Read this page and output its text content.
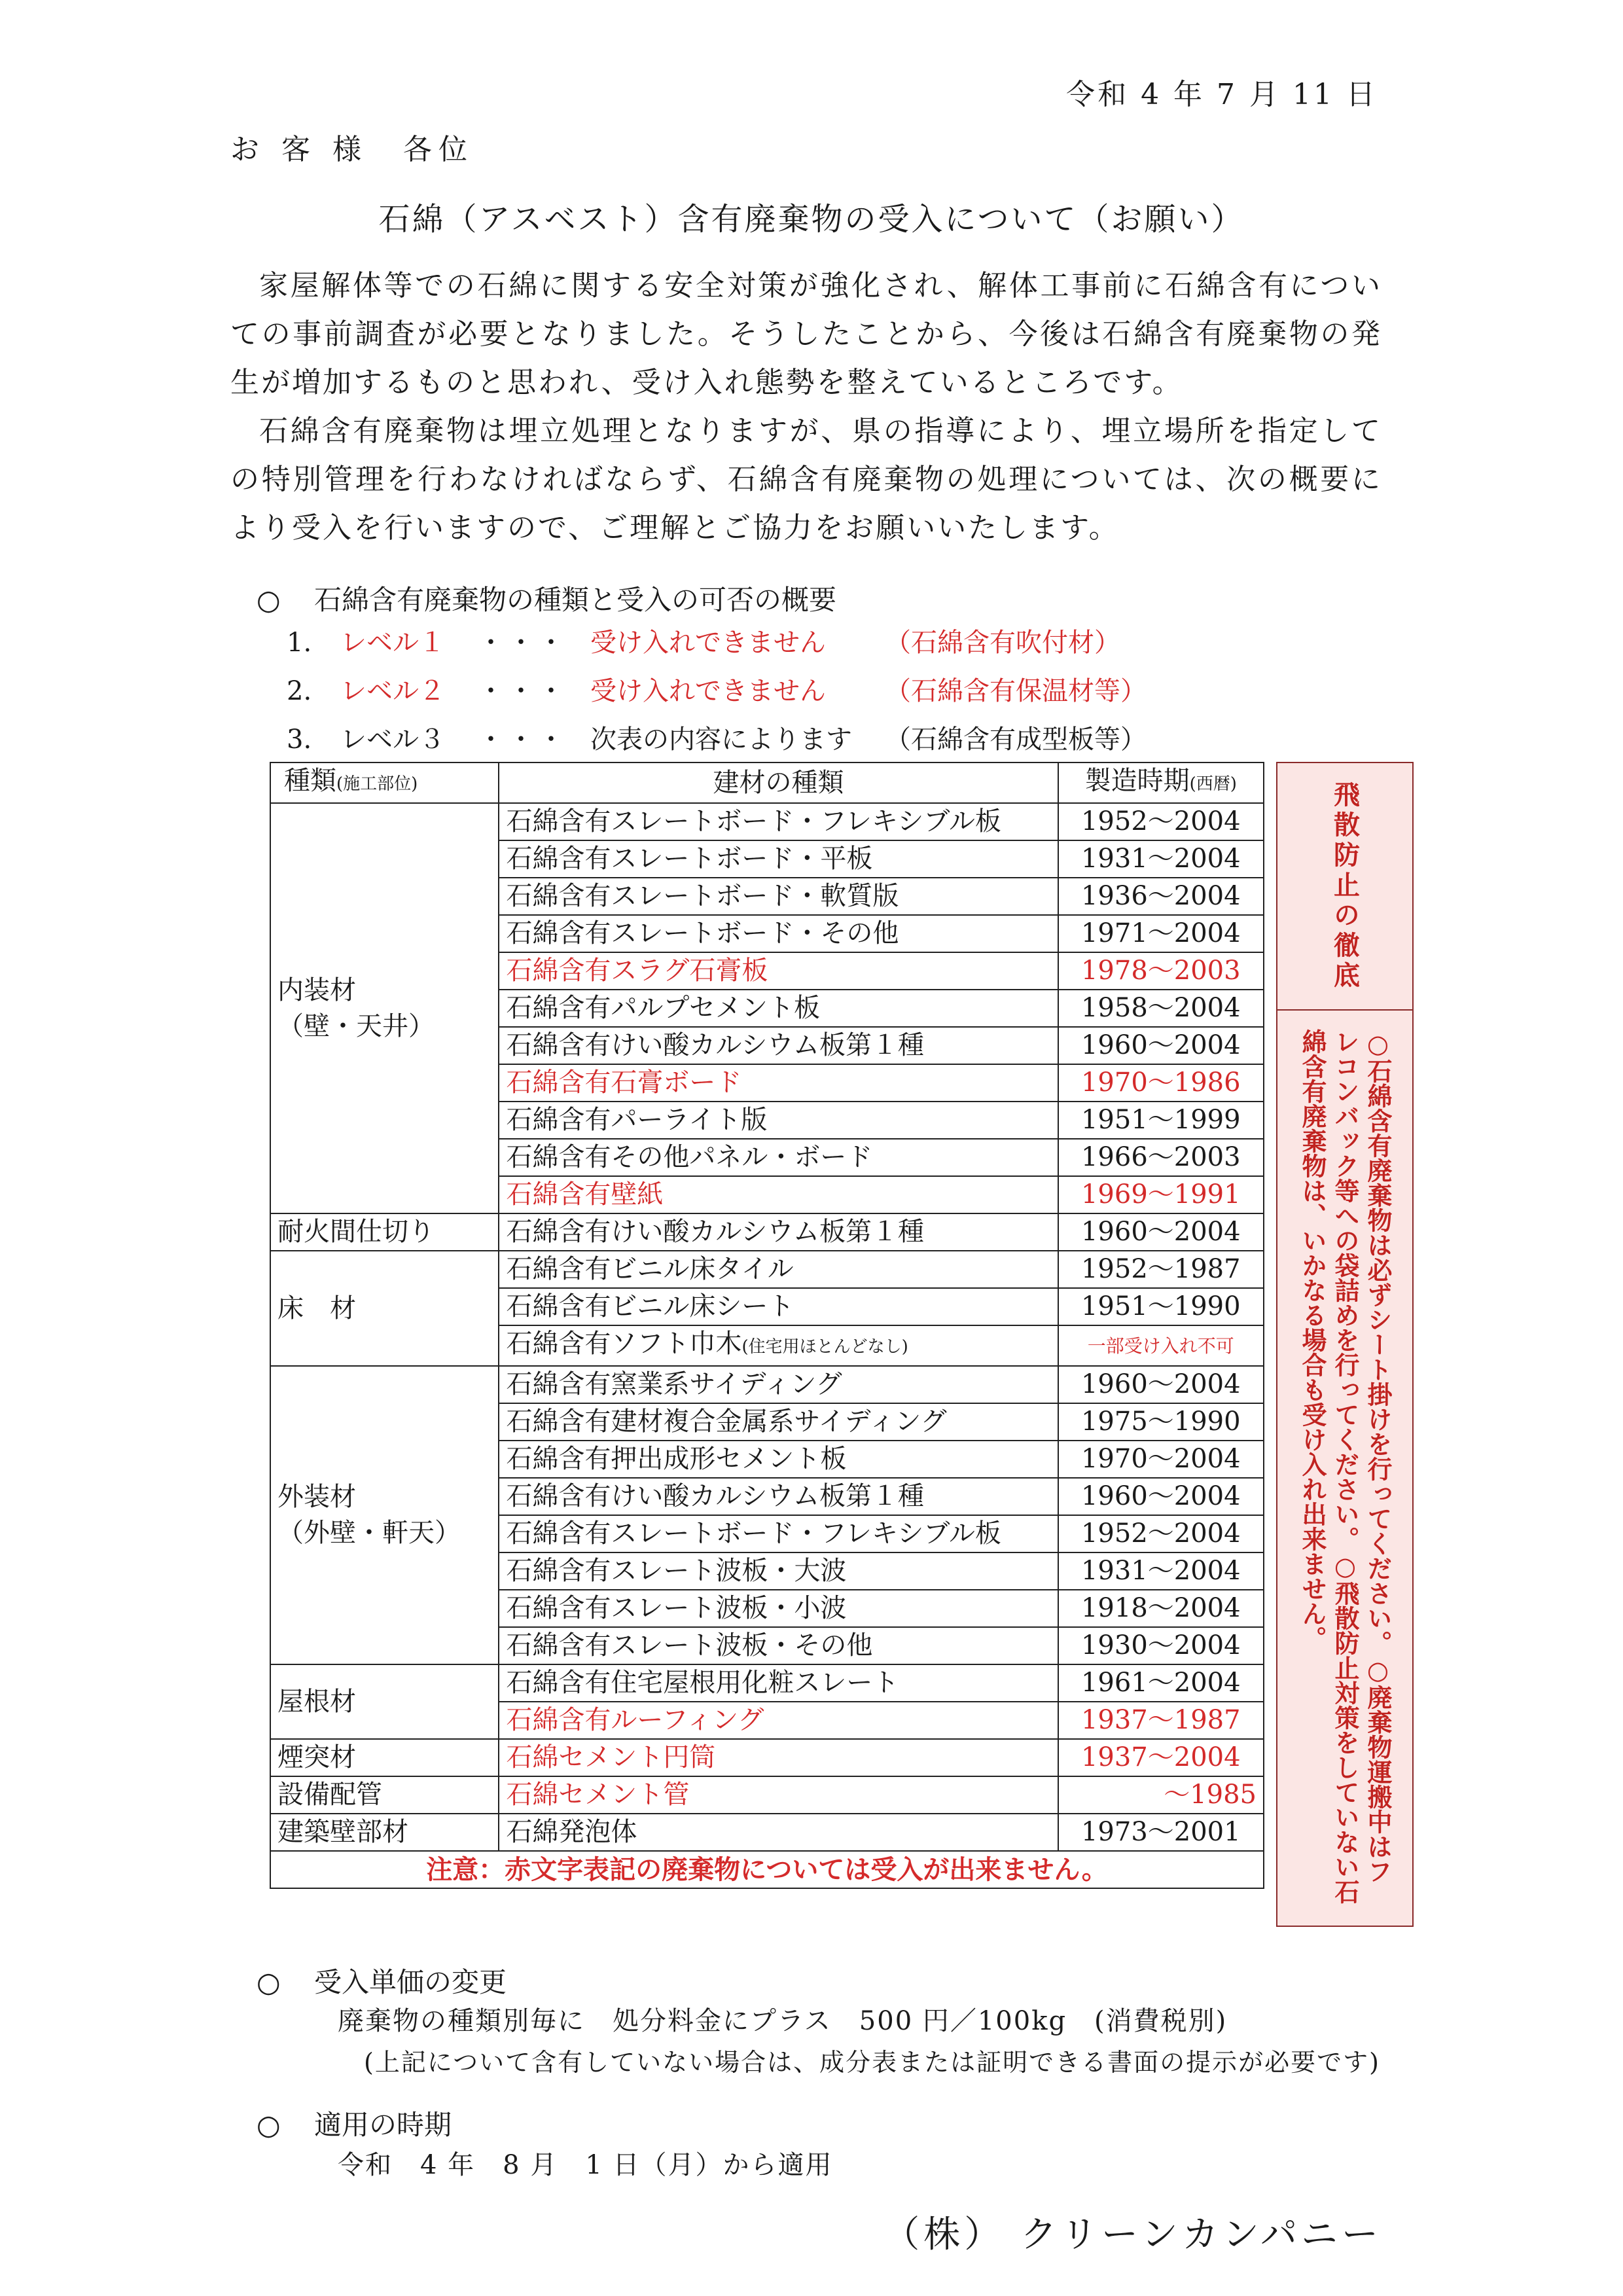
令和 4 年 7 月 11 日
お 客 様　各位
石綿（アスベスト）含有廃棄物の受入について（お願い）

家屋解体等での石綿に関する安全対策が強化され、解体工事前に石綿含有についての事前調査が必要となりました。そうしたことから、今後は石綿含有廃棄物の発生が増加するものと思われ、受け入れ態勢を整えているところです。

石綿含有廃棄物は埋立処理となりますが、県の指導により、埋立場所を指定しての特別管理を行わなければならず、石綿含有廃棄物の処理については、次の概要により受入を行いますので、ご理解とご協力をお願いいたします。

○ 石綿含有廃棄物の種類と受入の可否の概要
1. レベル１ ・・・ 受け入れできません （石綿含有吹付材）
2. レベル２ ・・・ 受け入れできません （石綿含有保温材等）
3. レベル３ ・・・ 次表の内容によります （石綿含有成型板等）
種類(施工部位)	建材の種類	製造時期(西暦)

内装材
（壁・天井）	石綿含有スレートボード・フレキシブル板	1952～2004
	石綿含有スレートボード・平板	1931～2004
	石綿含有スレートボード・軟質版	1936～2004
	石綿含有スレートボード・その他	1971～2004
	石綿含有スラグ石膏板	1978～2003
	石綿含有パルプセメント板	1958～2004
	石綿含有けい酸カルシウム板第１種	1960～2004
	石綿含有石膏ボード	1970～1986
	石綿含有パーライト版	1951～1999
	石綿含有その他パネル・ボード	1966～2003
	石綿含有壁紙	1969～1991
耐火間仕切り	石綿含有けい酸カルシウム板第１種	1960～2004
床　材	石綿含有ビニル床タイル	1952～1987
	石綿含有ビニル床シート	1951～1990
	石綿含有ソフト巾木(住宅用ほとんどなし)	一部受け入れ不可

外装材
（外壁・軒天）	石綿含有窯業系サイディング	1960～2004
	石綿含有建材複合金属系サイディング	1975～1990
	石綿含有押出成形セメント板	1970～2004
	石綿含有けい酸カルシウム板第１種	1960～2004
	石綿含有スレートボード・フレキシブル板	1952～2004
	石綿含有スレート波板・大波	1931～2004
	石綿含有スレート波板・小波	1918～2004
	石綿含有スレート波板・その他	1930～2004
屋根材	石綿含有住宅屋根用化粧スレート	1961～2004
	石綿含有ルーフィング	1937～1987
煙突材	石綿セメント円筒	1937～2004
設備配管	石綿セメント管	～1985
建築壁部材	石綿発泡体	1973～2001
注意：赤文字表記の廃棄物については受入が出来ません。		
飛散防止の徹底
○石綿含有廃棄物は必ずシート掛けを行ってください。○廃棄物運搬中はフレコンバック等への袋詰めを行ってください。○飛散防止対策をしていない石綿含有廃棄物は、いかなる場合も受け入れ出来ません。
○ 受入単価の変更
廃棄物の種類別毎に　処分料金にプラス　500 円／100kg　(消費税別)
(上記について含有していない場合は、成分表または証明できる書面の提示が必要です)
○ 適用の時期
令和　4 年　8 月　1 日（月）から適用
（株） クリーンカンパニー
